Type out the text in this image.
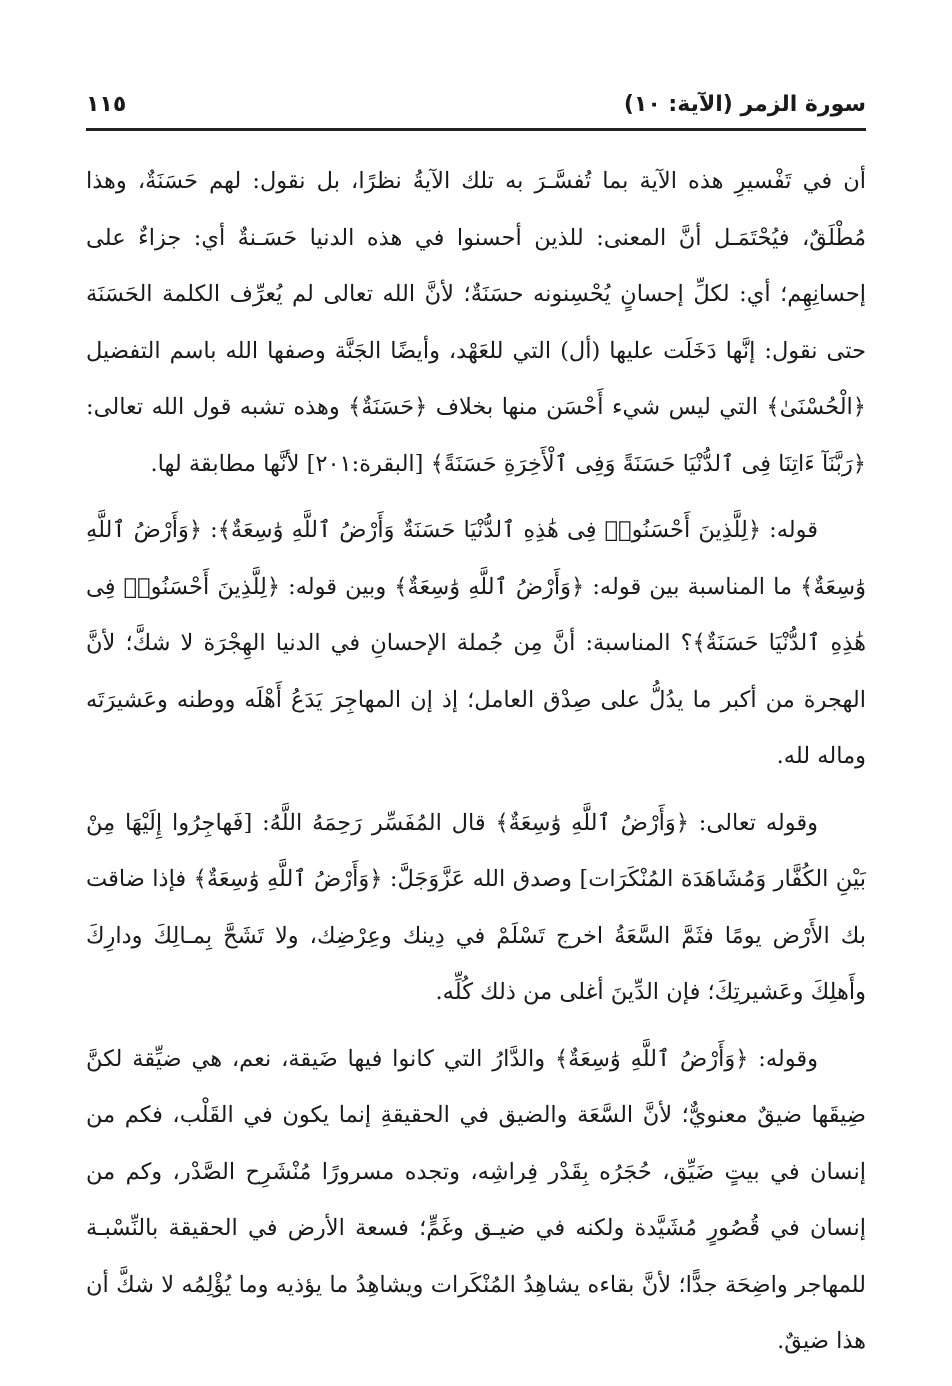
سورة الزمر (الآية: ١٠)
١١٥

أن في تَفْسيرِ هذه الآية بما تُفسَّـرَ به تلك الآيةُ نظرًا، بل نقول: لهم حَسَنَةٌ، وهذا مُطْلَقٌ، فيُحْتَمَـل أنَّ المعنى: للذين أحسنوا في هذه الدنيا حَسَـنةٌ أي: جزاءٌ على إحسانِهِم؛ أي: لكلِّ إحسانٍ يُحْسِنونه حسَنَةٌ؛ لأنَّ الله تعالى لم يُعرِّف الكلمة الحَسَنَة حتى نقول: إنَّها دَخَلَت عليها (أل) التي للعَهْد، وأيضًا الجَنَّة وصفها الله باسم التفضيل ﴿الْحُسْنَىٰ﴾ التي ليس شيء أَحْسَن منها بخلاف ﴿حَسَنَةٌ﴾ وهذه تشبه قول الله تعالى: ﴿رَبَّنَآ ءَاتِنَا فِى ٱلدُّنْيَا حَسَنَةً وَفِى ٱلْأَخِرَةِ حَسَنَةً﴾ [البقرة:٢٠١] لأنَّها مطابقة لها.

قوله: ﴿لِلَّذِينَ أَحْسَنُوا۟ فِى هَٰذِهِ ٱلدُّنْيَا حَسَنَةٌ وَأَرْضُ ٱللَّهِ وَٰسِعَةٌ﴾: ﴿وَأَرْضُ ٱللَّهِ وَٰسِعَةٌ﴾ ما المناسبة بين قوله: ﴿وَأَرْضُ ٱللَّهِ وَٰسِعَةٌ﴾ وبين قوله: ﴿لِلَّذِينَ أَحْسَنُوا۟ فِى هَٰذِهِ ٱلدُّنْيَا حَسَنَةٌ﴾؟ المناسبة: أنَّ مِن جُملة الإحسانِ في الدنيا الهِجْرَة لا شكَّ؛ لأنَّ الهجرة من أكبر ما يدُلُّ على صِدْق العامل؛ إذ إن المهاجِرَ يَدَعُ أَهْلَه ووطنه وعَشيرَتَه وماله لله.

وقوله تعالى: ﴿وَأَرْضُ ٱللَّهِ وَٰسِعَةٌ﴾ قال المُفَسِّر رَحِمَهُ اللَّهُ: [فَهاجِرُوا إِلَيْهَا مِنْ بَيْنِ الكُفَّار وَمُشَاهَدَة المُنْكَرَات] وصدق الله عَزَّوَجَلَّ: ﴿وَأَرْضُ ٱللَّهِ وَٰسِعَةٌ﴾ فإذا ضاقت بك الأَرْض يومًا فثَمَّ السَّعَةُ اخرج تَسْلَمْ في دِينك وعِرْضِك، ولا تَشَحَّ بِمـالِكَ ودارِكَ وأَهلِكَ وعَشيرتِكَ؛ فإن الدِّينَ أغلى من ذلك كُلِّه.

وقوله: ﴿وَأَرْضُ ٱللَّهِ وَٰسِعَةٌ﴾ والدَّارُ التي كانوا فيها ضَيقة، نعم، هي ضيِّقة لكنَّ ضِيقَها ضيقٌ معنويٌّ؛ لأنَّ السَّعَة والضيق في الحقيقةِ إنما يكون في القَلْب، فكم من إنسان في بيتٍ ضَيِّق، حُجَرُه بِقَدْر فِراشِه، وتجده مسرورًا مُنْشَرِح الصَّدْر، وكم من إنسان في قُصُورٍ مُشَيَّدة ولكنه في ضيـق وغَمٍّ؛ فسعة الأرض في الحقيقة بالنِّسْبـة للمهاجر واضِحَة جدًّا؛ لأنَّ بقاءه يشاهِدُ المُنْكَرات ويشاهِدُ ما يؤذيه وما يُؤْلِمُه لا شكَّ أن هذا ضيقٌ.
